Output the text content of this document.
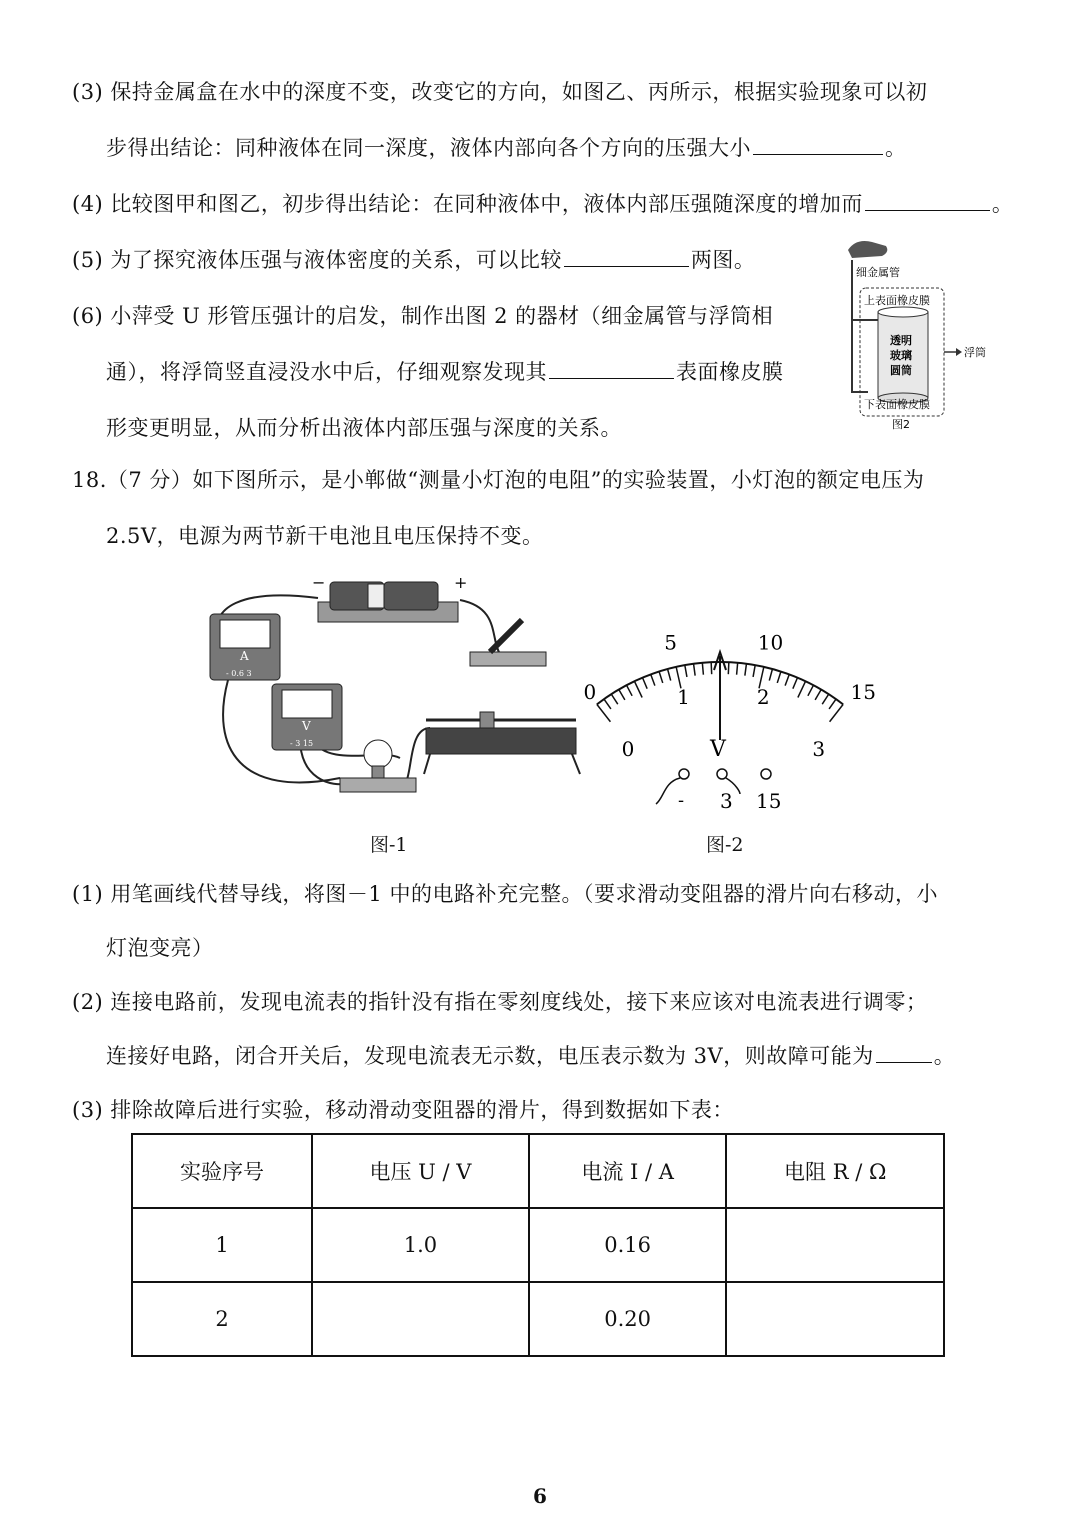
(3) 保持金属盒在水中的深度不变，改变它的方向，如图乙、丙所示，根据实验现象可以初
步得出结论：同种液体在同一深度，液体内部向各个方向的压强大小	。
(4) 比较图甲和图乙，初步得出结论：在同种液体中，液体内部压强随深度的增加而	。
(5) 为了探究液体压强与液体密度的关系，可以比较	两图。
(6) 小萍受 U 形管压强计的启发，制作出图 2 的器材（细金属管与浮筒相
通），将浮筒竖直浸没水中后，仔细观察发现其	表面橡皮膜
形变更明显，从而分析出液体内部压强与深度的关系。
细金属管
上表面橡皮膜
透明
玻璃
圆筒
浮筒
下表面橡皮膜
图2
18.（7 分）如下图所示，是小郸做“测量小灯泡的电阻”的实验装置，小灯泡的额定电压为
2.5V，电源为两节新干电池且电压保持不变。
−	+
A
- 0.6 3
V
- 3 15
图-1
0
5	10
15
0
1	2
3
V
- 3 15
图-2
(1) 用笔画线代替导线，将图－1 中的电路补充完整。（要求滑动变阻器的滑片向右移动，小
灯泡变亮）
(2) 连接电路前，发现电流表的指针没有指在零刻度线处，接下来应该对电流表进行调零；
连接好电路，闭合开关后，发现电流表无示数，电压表示数为 3V，则故障可能为	。
(3) 排除故障后进行实验，移动滑动变阻器的滑片，得到数据如下表：
实验序号	电压 U / V	电流 I / A	电阻 R / Ω
1	1.0	0.16	
2		0.20	
6
